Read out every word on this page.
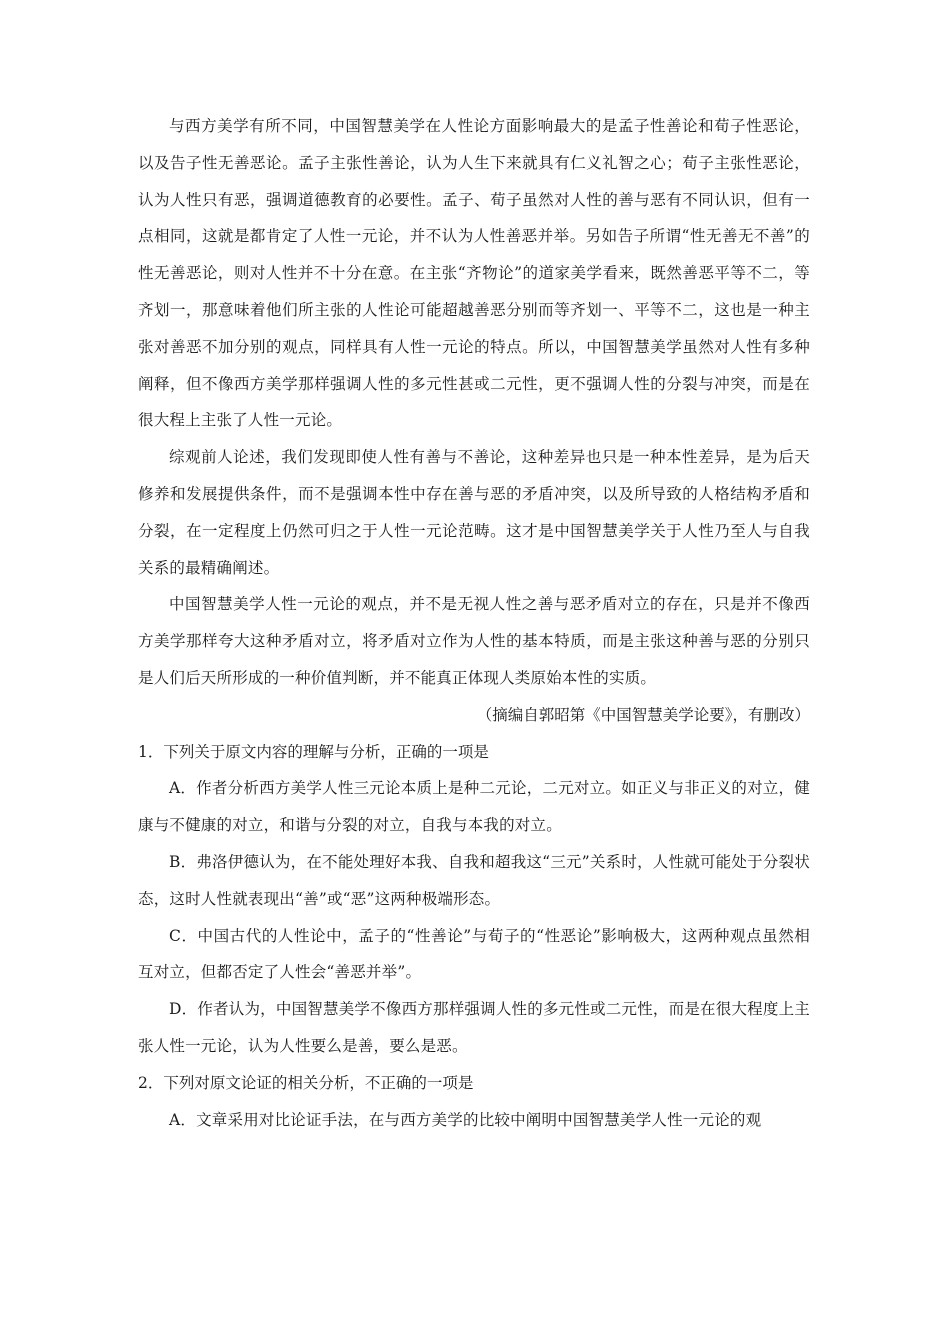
与西方美学有所不同，中国智慧美学在人性论方面影响最大的是孟子性善论和荀子性恶论，以及告子性无善恶论。孟子主张性善论，认为人生下来就具有仁义礼智之心；荀子主张性恶论，认为人性只有恶，强调道德教育的必要性。孟子、荀子虽然对人性的善与恶有不同认识，但有一点相同，这就是都肯定了人性一元论，并不认为人性善恶并举。另如告子所谓“性无善无不善”的性无善恶论，则对人性并不十分在意。在主张“齐物论”的道家美学看来，既然善恶平等不二，等齐划一，那意味着他们所主张的人性论可能超越善恶分别而等齐划一、平等不二，这也是一种主张对善恶不加分别的观点，同样具有人性一元论的特点。所以，中国智慧美学虽然对人性有多种阐释，但不像西方美学那样强调人性的多元性甚或二元性，更不强调人性的分裂与冲突，而是在很大程上主张了人性一元论。

综观前人论述，我们发现即使人性有善与不善论，这种差异也只是一种本性差异，是为后天修养和发展提供条件，而不是强调本性中存在善与恶的矛盾冲突，以及所导致的人格结构矛盾和分裂，在一定程度上仍然可归之于人性一元论范畴。这才是中国智慧美学关于人性乃至人与自我关系的最精确阐述。

中国智慧美学人性一元论的观点，并不是无视人性之善与恶矛盾对立的存在，只是并不像西方美学那样夸大这种矛盾对立，将矛盾对立作为人性的基本特质，而是主张这种善与恶的分别只是人们后天所形成的一种价值判断，并不能真正体现人类原始本性的实质。

（摘编自郭昭第《中国智慧美学论要》，有删改）

1．下列关于原文内容的理解与分析，正确的一项是

A．作者分析西方美学人性三元论本质上是种二元论，二元对立。如正义与非正义的对立，健康与不健康的对立，和谐与分裂的对立，自我与本我的对立。

B．弗洛伊德认为，在不能处理好本我、自我和超我这“三元”关系时，人性就可能处于分裂状态，这时人性就表现出“善”或“恶”这两种极端形态。

C．中国古代的人性论中，孟子的“性善论”与荀子的“性恶论”影响极大，这两种观点虽然相互对立，但都否定了人性会“善恶并举”。

D．作者认为，中国智慧美学不像西方那样强调人性的多元性或二元性，而是在很大程度上主张人性一元论，认为人性要么是善，要么是恶。

2．下列对原文论证的相关分析，不正确的一项是

A．文章采用对比论证手法，在与西方美学的比较中阐明中国智慧美学人性一元论的观
